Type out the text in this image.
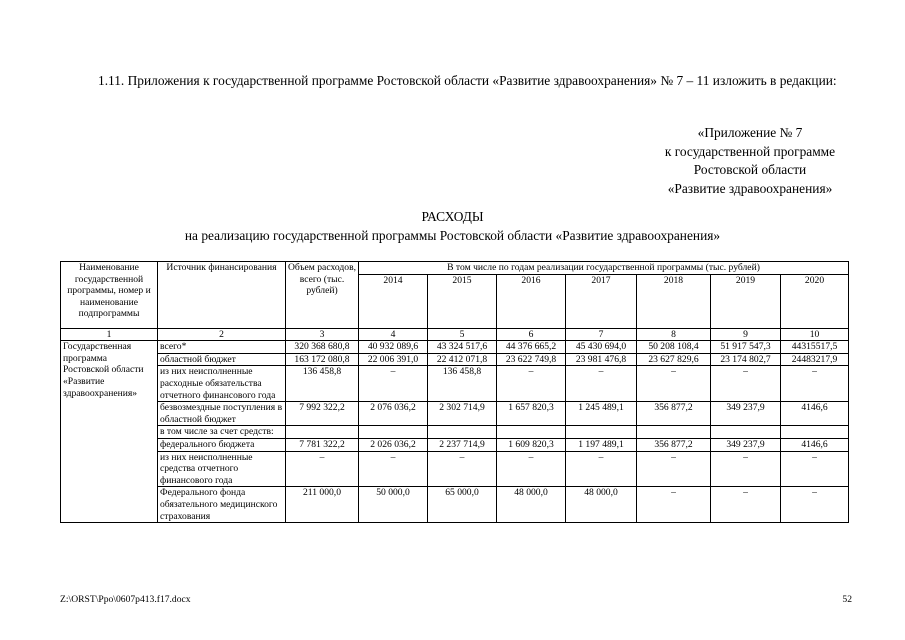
1.11. Приложения к государственной программе Ростовской области «Развитие здравоохранения» № 7 – 11 изложить в редакции:
«Приложение № 7
к государственной программе
Ростовской области
«Развитие здравоохранения»
РАСХОДЫ
на реализацию государственной программы Ростовской области «Развитие здравоохранения»
Наименование государственной программы, номер и наименование подпрограммы	Источник финансирования	Объем расходов, всего (тыс. рублей)	В том числе по годам реализации государственной программы (тыс. рублей)						
			2014	2015	2016	2017	2018	2019	2020
1	2	3	4	5	6	7	8	9	10
Государственная программа Ростовской области «Развитие здравоохранения»	всего*	320 368 680,8	40 932 089,6	43 324 517,6	44 376 665,2	45 430 694,0	50 208 108,4	51 917 547,3	44315517,5
	областной бюджет	163 172 080,8	22 006 391,0	22 412 071,8	23 622 749,8	23 981 476,8	23 627 829,6	23 174 802,7	24483217,9
	из них неисполненные расходные обязательства отчетного финансового года	136 458,8	–	136 458,8	–	–	–	–	–
	безвозмездные поступления в областной бюджет	7 992 322,2	2 076 036,2	2 302 714,9	1 657 820,3	1 245 489,1	356 877,2	349 237,9	4146,6
	в том числе за счет средств:								
	федерального бюджета	7 781 322,2	2 026 036,2	2 237 714,9	1 609 820,3	1 197 489,1	356 877,2	349 237,9	4146,6
	из них неисполненные средства отчетного финансового года	–	–	–	–	–	–	–	–
	Федерального фонда обязательного медицинского страхования	211 000,0	50 000,0	65 000,0	48 000,0	48 000,0	–	–	–
Z:\ORST\Ppo\0607p413.f17.docx	52
